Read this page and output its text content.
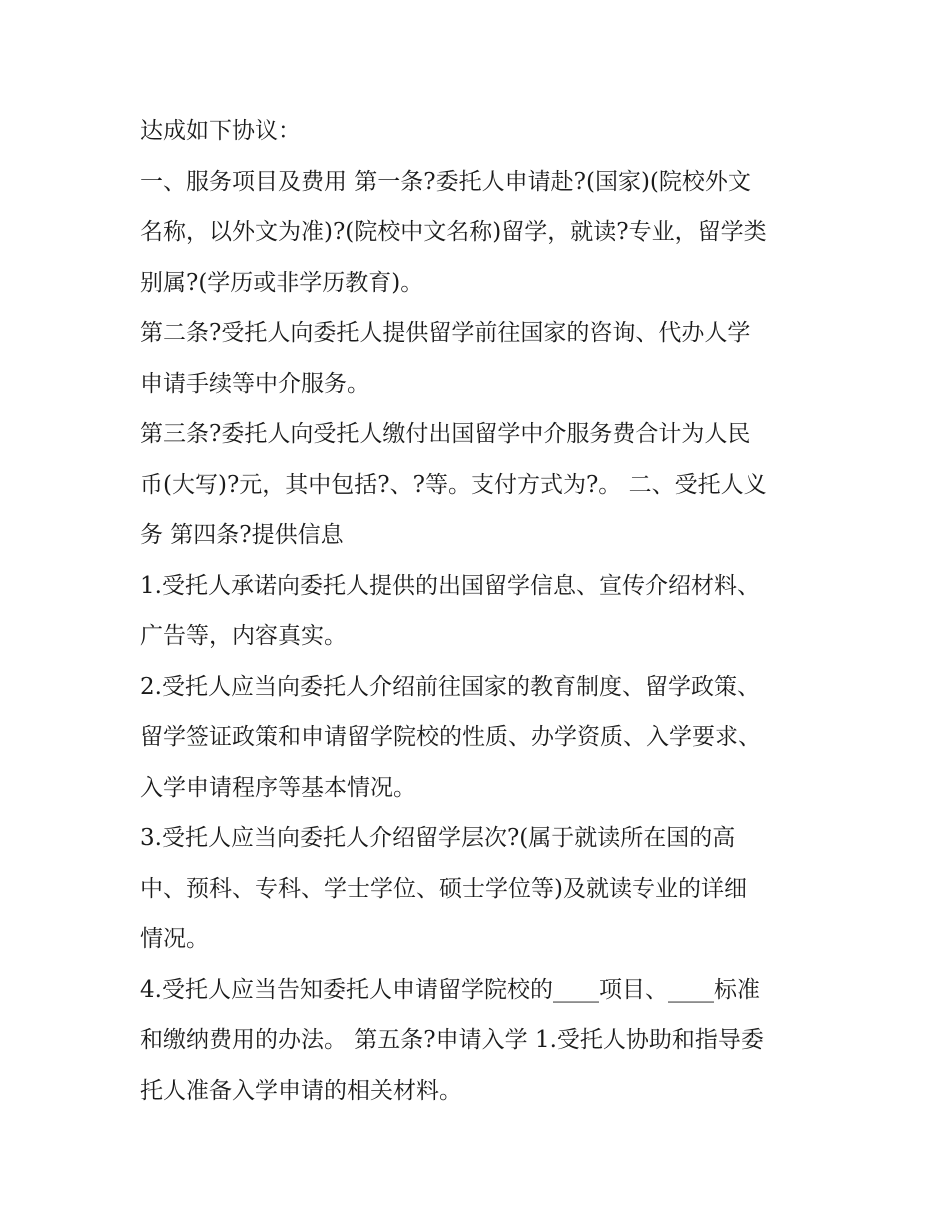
达成如下协议：
一、服务项目及费用 第一条?委托人申请赴?(国家)(院校外文
名称，以外文为准)?(院校中文名称)留学，就读?专业，留学类
别属?(学历或非学历教育)。
第二条?受托人向委托人提供留学前往国家的咨询、代办人学
申请手续等中介服务。
第三条?委托人向受托人缴付出国留学中介服务费合计为人民
币(大写)?元，其中包括?、?等。支付方式为?。 二、受托人义
务 第四条?提供信息
1.受托人承诺向委托人提供的出国留学信息、宣传介绍材料、
广告等，内容真实。
2.受托人应当向委托人介绍前往国家的教育制度、留学政策、
留学签证政策和申请留学院校的性质、办学资质、入学要求、
入学申请程序等基本情况。
3.受托人应当向委托人介绍留学层次?(属于就读所在国的高
中、预科、专科、学士学位、硕士学位等)及就读专业的详细
情况。
4.受托人应当告知委托人申请留学院校的____项目、____标准
和缴纳费用的办法。 第五条?申请入学 1.受托人协助和指导委
托人准备入学申请的相关材料。
